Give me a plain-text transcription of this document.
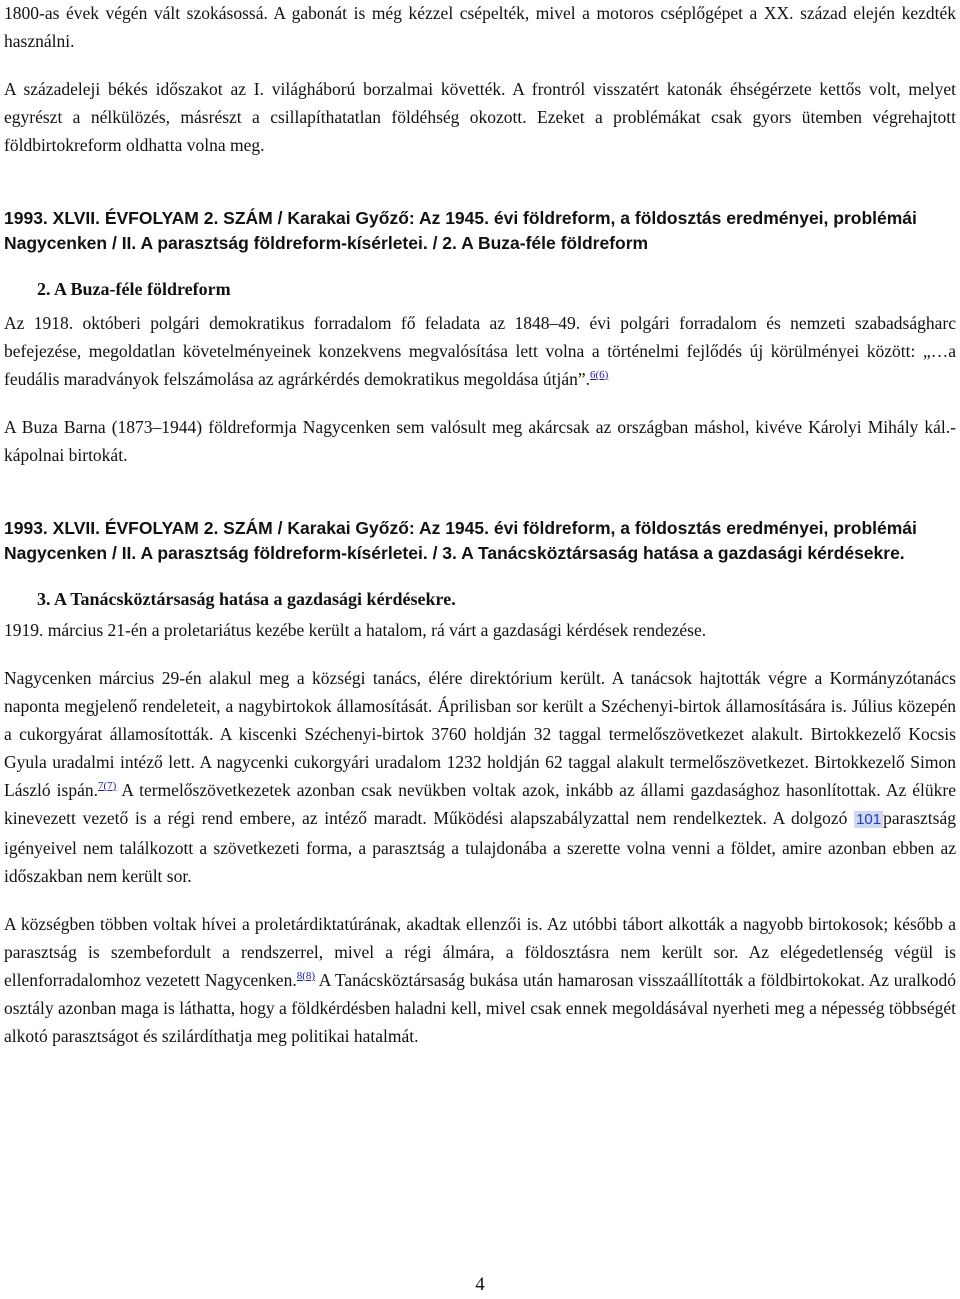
1800-as évek végén vált szokásossá. A gabonát is még kézzel csépelték, mivel a motoros cséplőgépet a XX. század elején kezdték használni.

A századeleji békés időszakot az I. világháború borzalmai követték. A frontról visszatért katonák éhségérzete kettős volt, melyet egyrészt a nélkülözés, másrészt a csillapíthatatlan földéhség okozott. Ezeket a problémákat csak gyors ütemben végrehajtott földbirtokreform oldhatta volna meg.

1993. XLVII. ÉVFOLYAM 2. SZÁM / Karakai Győző: Az 1945. évi földreform, a földosztás eredményei, problémái Nagycenken / II. A parasztság földreform-kísérletei. / 2. A Buza-féle földreform
2. A Buza-féle földreform

Az 1918. októberi polgári demokratikus forradalom fő feladata az 1848–49. évi polgári forradalom és nemzeti szabadságharc befejezése, megoldatlan követelményeinek konzekvens megvalósítása lett volna a történelmi fejlődés új körülményei között: „…a feudális maradványok felszámolása az agrárkérdés demokratikus megoldása útján”.$^{6(6)}$

A Buza Barna (1873–1944) földreformja Nagycenken sem valósult meg akárcsak az országban máshol, kivéve Károlyi Mihály kál.-kápolnai birtokát.

1993. XLVII. ÉVFOLYAM 2. SZÁM / Karakai Győző: Az 1945. évi földreform, a földosztás eredményei, problémái Nagycenken / II. A parasztság földreform-kísérletei. / 3. A Tanácsköztársaság hatása a gazdasági kérdésekre.
3. A Tanácsköztársaság hatása a gazdasági kérdésekre.

1919. március 21-én a proletariátus kezébe került a hatalom, rá várt a gazdasági kérdések rendezése.

Nagycenken március 29-én alakul meg a községi tanács, élére direktórium került. A tanácsok hajtották végre a Kormányzótanács naponta megjelenő rendeleteit, a nagybirtokok államosítását. Áprilisban sor került a Széchenyi-birtok államosítására is. Július közepén a cukorgyárat államosították. A kiscenki Széchenyi-birtok 3760 holdján 32 taggal termelőszövetkezet alakult. Birtokkezelő Kocsis Gyula uradalmi intéző lett. A nagycenki cukorgyári uradalom 1232 holdján 62 taggal alakult termelőszövetkezet. Birtokkezelő Simon László ispán.$^{7(7)}$ A termelőszövetkezetek azonban csak nevükben voltak azok, inkább az állami gazdasághoz hasonlítottak. Az élükre kinevezett vezető is a régi rend embere, az intéző maradt. Működési alapszabályzattal nem rendelkeztek. A dolgozó 101 parasztság igényeivel nem találkozott a szövetkezeti forma, a parasztság a tulajdonába a szerette volna venni a földet, amire azonban ebben az időszakban nem került sor.

A községben többen voltak hívei a proletárdiktatúrának, akadtak ellenzői is. Az utóbbi tábort alkották a nagyobb birtokosok; később a parasztság is szembefordult a rendszerrel, mivel a régi álmára, a földosztásra nem került sor. Az elégedetlenség végül is ellenforradalomhoz vezetett Nagycenken.$^{8(8)}$ A Tanácsköztársaság bukása után hamarosan visszaállították a földbirtokokat. Az uralkodó osztály azonban maga is láthatta, hogy a földkérdésben haladni kell, mivel csak ennek megoldásával nyerheti meg a népesség többségét alkotó parasztságot és szilárdíthatja meg politikai hatalmát.

4
